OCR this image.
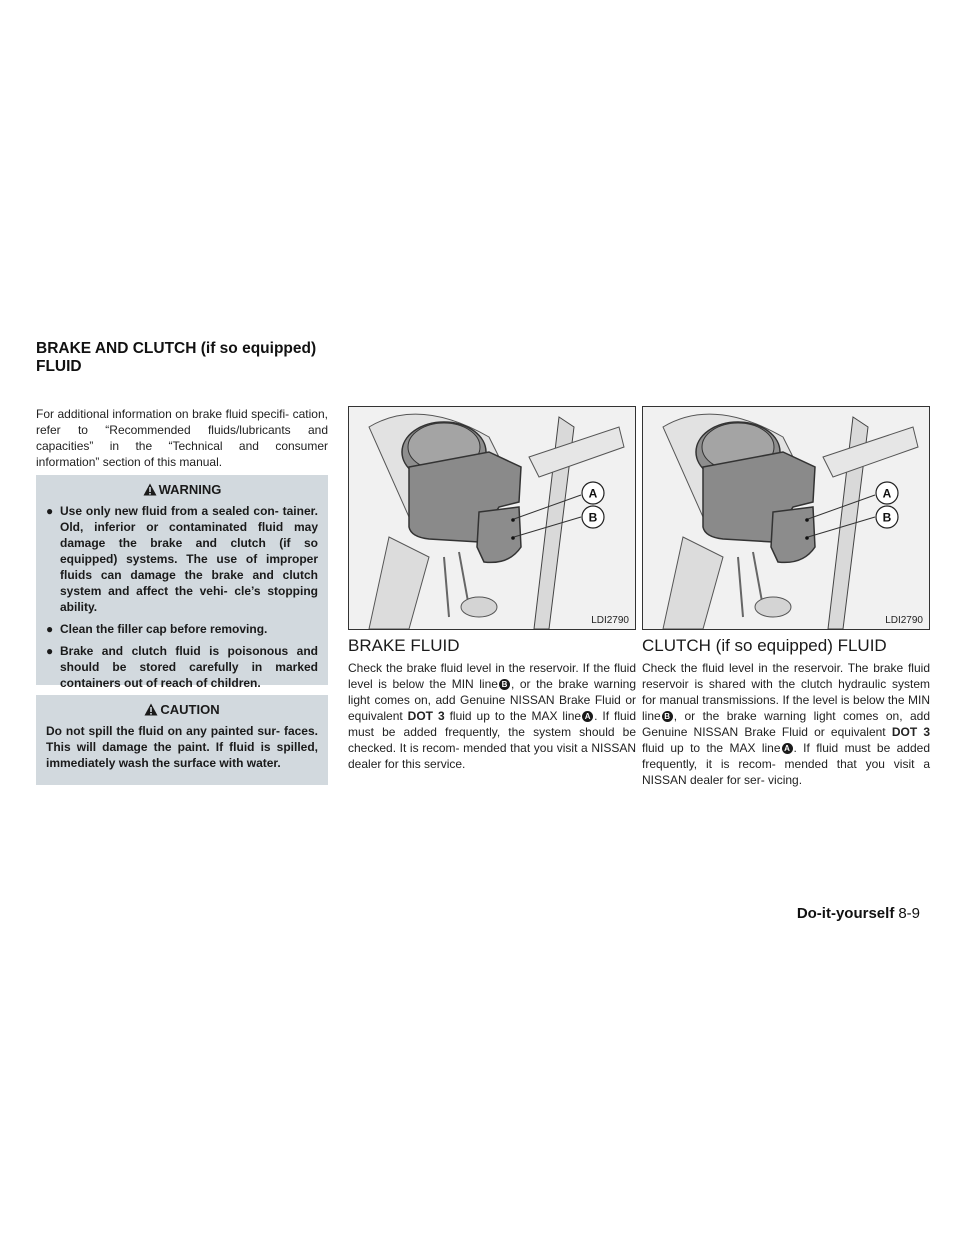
BRAKE AND CLUTCH (if so equipped)
FLUID
For additional information on brake fluid specifi- cation, refer to “Recommended fluids/lubricants and capacities” in the “Technical and consumer information” section of this manual.
WARNING
● Use only new fluid from a sealed con- tainer. Old, inferior or contaminated fluid may damage the brake and clutch (if so equipped) systems. The use of improper fluids can damage the brake and clutch system and affect the vehi- cle’s stopping ability.
● Clean the filler cap before removing.
● Brake and clutch fluid is poisonous and should be stored carefully in marked containers out of reach of children.
CAUTION
Do not spill the fluid on any painted sur- faces. This will damage the paint. If fluid is spilled, immediately wash the surface with water.
A
B
LDI2790
A
B
LDI2790
BRAKE FLUID
Check the brake fluid level in the reservoir. If the fluid level is below the MIN line B , or the brake warning light comes on, add Genuine NISSAN Brake Fluid or equivalent DOT 3 fluid up to the MAX line A . If fluid must be added frequently, the system should be checked. It is recom- mended that you visit a NISSAN dealer for this service.
CLUTCH (if so equipped) FLUID
Check the fluid level in the reservoir. The brake fluid reservoir is shared with the clutch hydraulic system for manual transmissions. If the level is below the MIN line B , or the brake warning light comes on, add Genuine NISSAN Brake Fluid or equivalent DOT 3 fluid up to the MAX line A . If fluid must be added frequently, it is recom- mended that you visit a NISSAN dealer for ser- vicing.
Do-it-yourself 8-9
